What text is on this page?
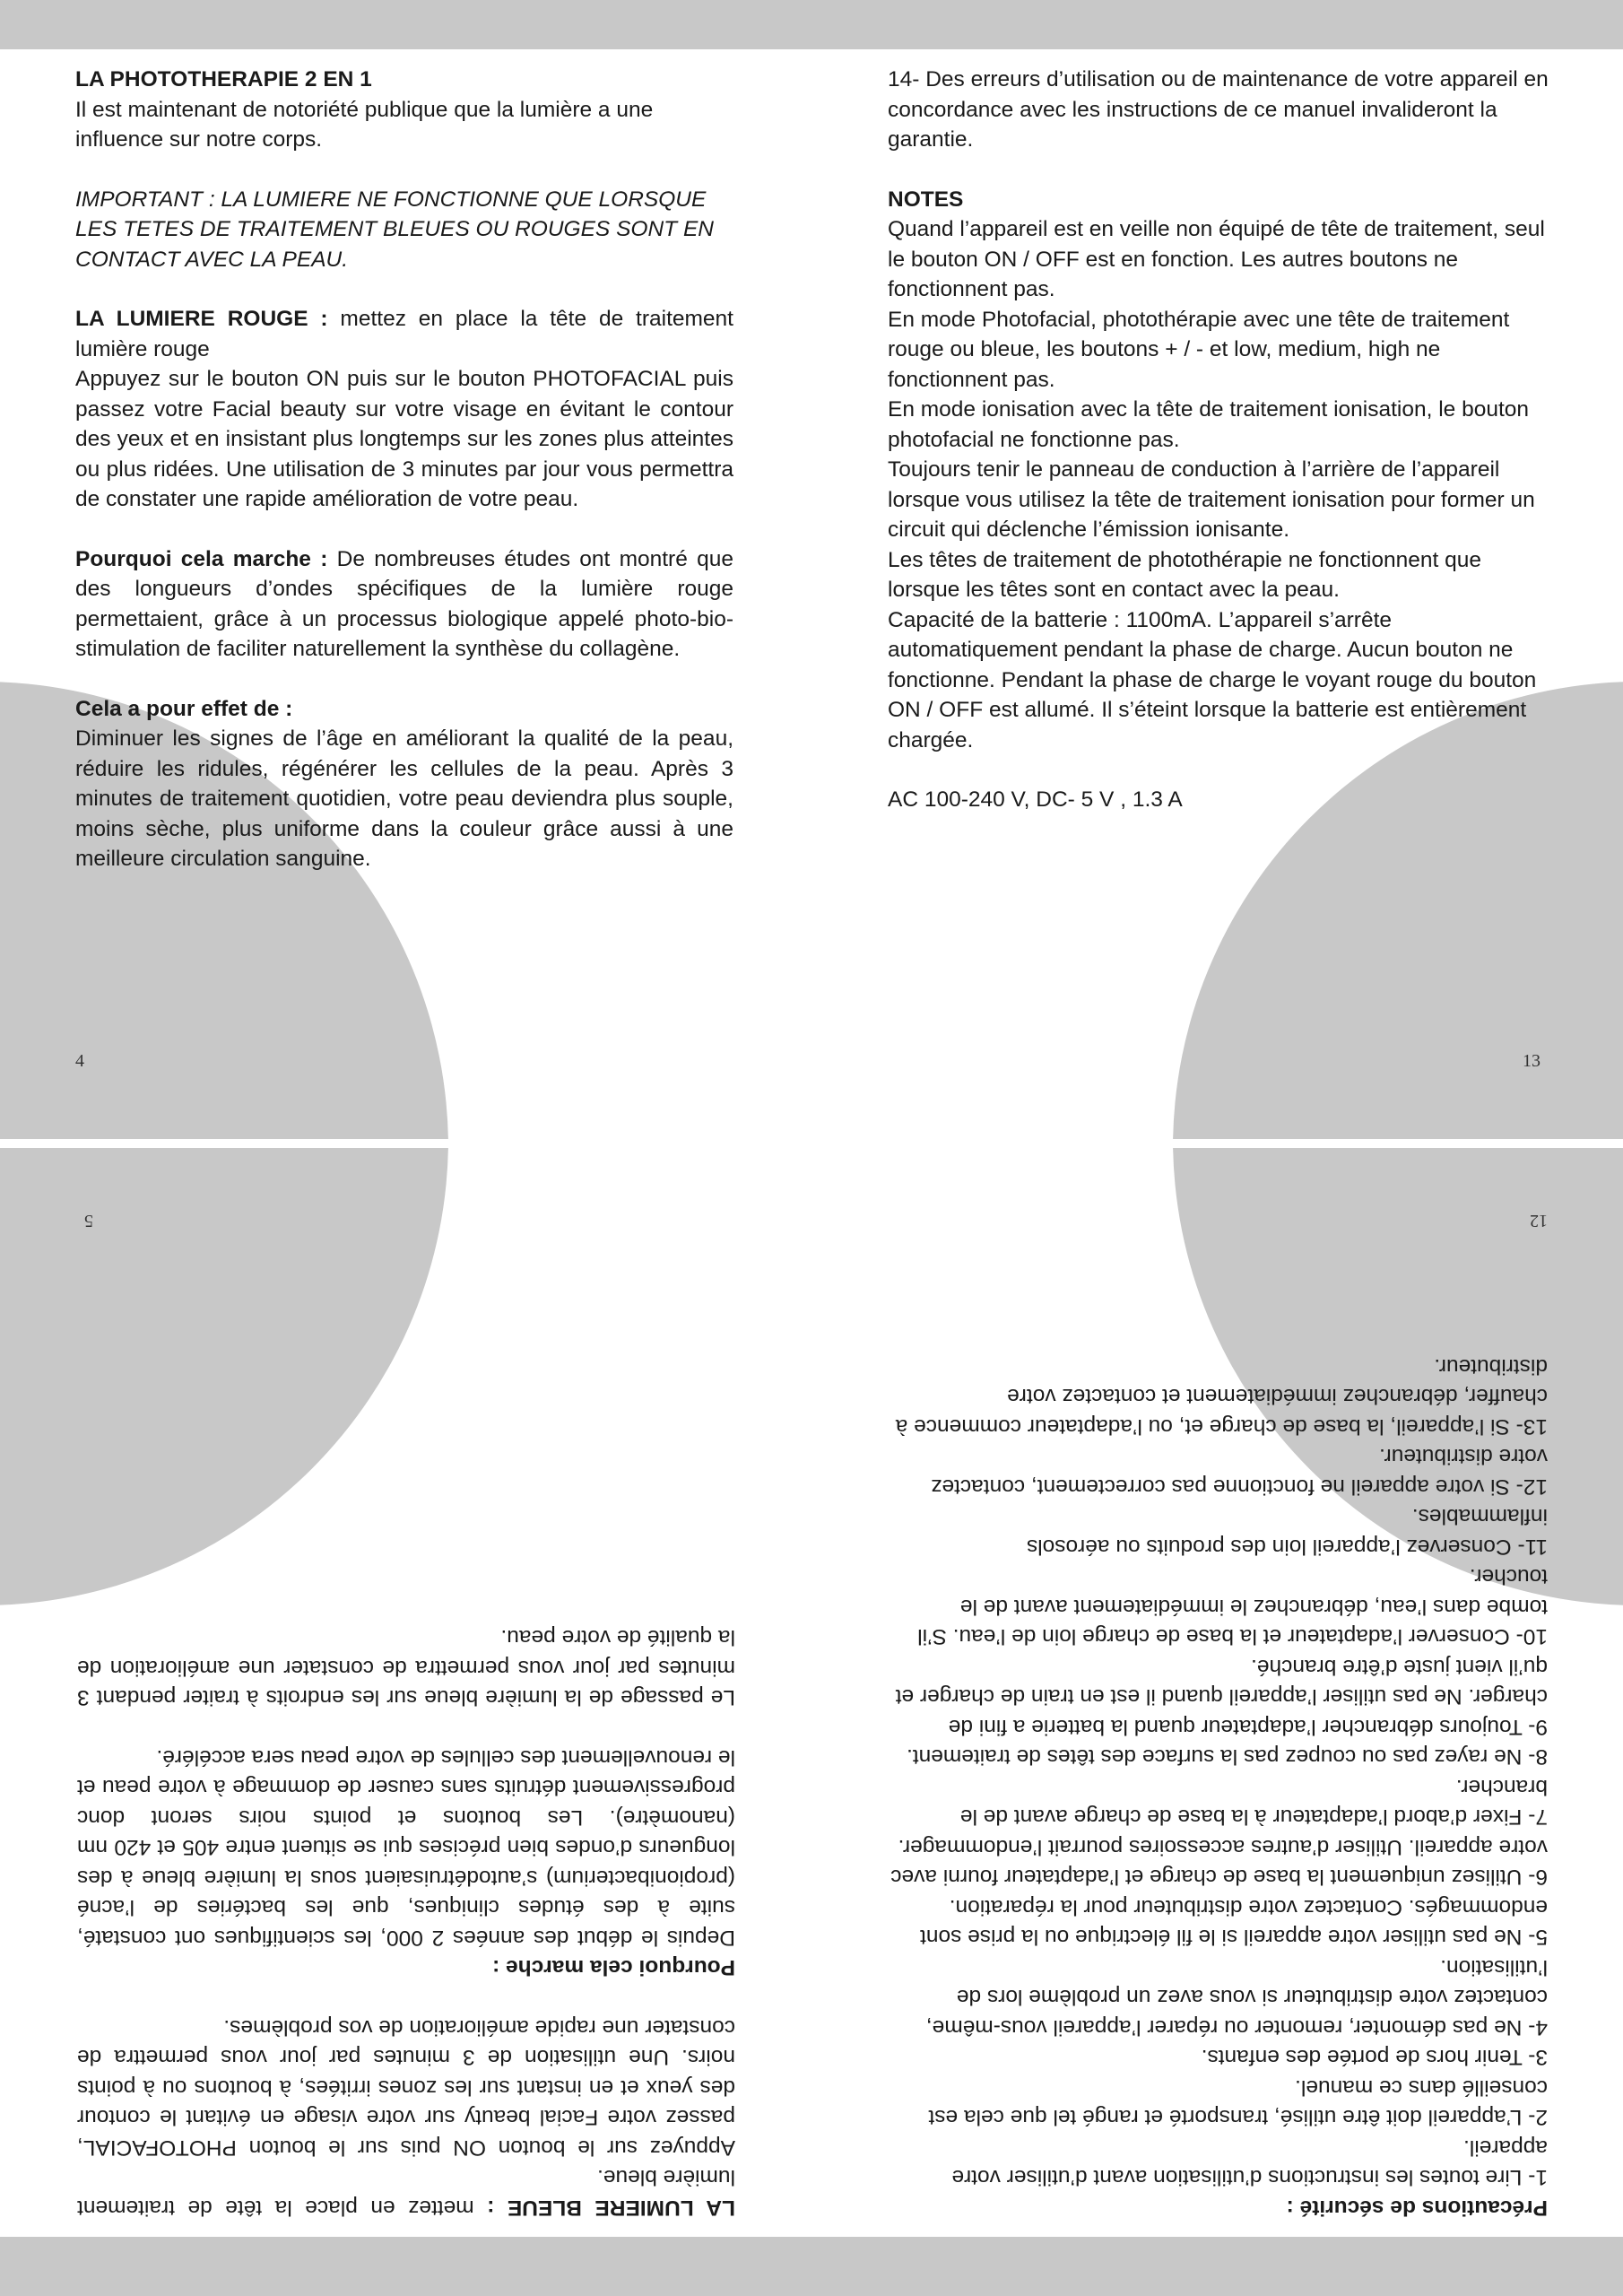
LA PHOTOTHERAPIE 2 EN 1
Il est maintenant de notoriété publique que la lumière a une influence sur notre corps.

IMPORTANT : LA LUMIERE NE FONCTIONNE QUE LORSQUE LES TETES DE TRAITEMENT BLEUES OU ROUGES SONT EN CONTACT AVEC LA PEAU.

LA LUMIERE ROUGE : mettez en place la tête de traitement lumière rouge
Appuyez sur le bouton ON puis sur le bouton PHOTOFACIAL puis passez votre Facial beauty sur votre visage en évitant le contour des yeux et en insistant plus longtemps sur les zones plus atteintes ou plus ridées. Une utilisation de 3 minutes par jour vous permettra de constater une rapide amélioration de votre peau.

Pourquoi cela marche : De nombreuses études ont montré que des longueurs d’ondes spécifiques de la lumière rouge permettaient, grâce à un processus biologique appelé photo-bio-stimulation de faciliter naturellement la synthèse du collagène.

Cela a pour effet de :
Diminuer les signes de l’âge en améliorant la qualité de la peau, réduire les ridules, régénérer les cellules de la peau. Après 3 minutes de traitement quotidien, votre peau deviendra plus souple, moins sèche, plus uniforme dans la couleur grâce aussi à une meilleure circulation sanguine.

4

14- Des erreurs d’utilisation ou de maintenance de votre appareil en concordance avec les instructions de ce manuel invalideront la garantie.

NOTES
Quand l’appareil est en veille non équipé de tête de traitement, seul le bouton ON / OFF est en fonction. Les autres boutons ne fonctionnent pas.
En mode Photofacial, photothérapie avec une tête de traitement rouge ou bleue, les boutons + / - et low, medium, high ne fonctionnent pas.
En mode ionisation avec la tête de traitement ionisation, le bouton photofacial ne fonctionne pas.
Toujours tenir le panneau de conduction à l’arrière de l’appareil lorsque vous utilisez la tête de traitement ionisation pour former un circuit qui déclenche l’émission ionisante.
Les têtes de traitement de photothérapie ne fonctionnent que lorsque les têtes sont en contact avec la peau.
Capacité de la batterie : 1100mA. L’appareil s’arrête automatiquement pendant la phase de charge. Aucun bouton ne fonctionne. Pendant la phase de charge le voyant rouge du bouton ON / OFF est allumé. Il s’éteint lorsque la batterie est entièrement chargée.

AC 100-240 V, DC- 5 V , 1.3 A

13

Précautions de sécurité :
1- Lire toutes les instructions d’utilisation avant d’utiliser votre appareil.
2- L’appareil doit être utilisé, transporté et rangé tel que cela est conseillé dans ce manuel.
3- Tenir hors de portée des enfants.
4- Ne pas démonter, remonter ou réparer l’appareil vous-même, contactez votre distributeur si vous avez un problème lors de l’utilisation.
5- Ne pas utiliser votre appareil si le fil électrique ou la prise sont endommagés. Contactez votre distributeur pour la réparation.
6- Utilisez uniquement la base de charge et l’adaptateur fourni avec votre appareil. Utiliser d’autres accessoires pourrait l’endommager.
7- Fixer d’abord l’adaptateur à la base de charge avant de le brancher.
8- Ne rayez pas ou coupez pas la surface des têtes de traitement.
9- Toujours débrancher l’adaptateur quand la batterie a fini de charger. Ne pas utiliser l’appareil quand il est en train de charger et qu’il vient juste d’être branché.
10- Conserver l’adaptateur et la base de charge loin de l’eau. S’il tombe dans l’eau, débranchez le immédiatement avant de le toucher.
11- Conservez l’appareil loin des produits ou aérosols inflammables.
12- Si votre appareil ne fonctionne pas correctement, contactez votre distributeur.
13- Si l’appareil, la base de charge et, ou l’adaptateur commence à chauffer, débranchez immédiatement et contactez votre distributeur.

12

LA LUMIERE BLEUE : mettez en place la tête de traitement lumière bleue.
Appuyez sur le bouton ON puis sur le bouton PHOTOFACIAL, passez votre Facial beauty sur votre visage en évitant le contour des yeux et en instant sur les zones irritées, à boutons ou à points noirs. Une utilisation de 3 minutes par jour vous permettra de constater une rapide amélioration de vos problèmes.

Pourquoi cela marche :
Depuis le début des années 2 000, les scientifiques ont constaté, suite à des études cliniques, que les bactéries de l’acné (propionibacterium) s’autodétruisaient sous la lumière bleue à des longueurs d’ondes bien précises qui se situent entre 405 et 420 nm (nanomètre). Les boutons et points noirs seront donc progressivement détruits sans causer de dommage à votre peau et le renouvellement des cellules de votre peau sera accéléré.

Le passage de la lumière bleue sur les endroits à traiter pendant 3 minutes par jour vous permettra de constater une amélioration de la qualité de votre peau.

5
